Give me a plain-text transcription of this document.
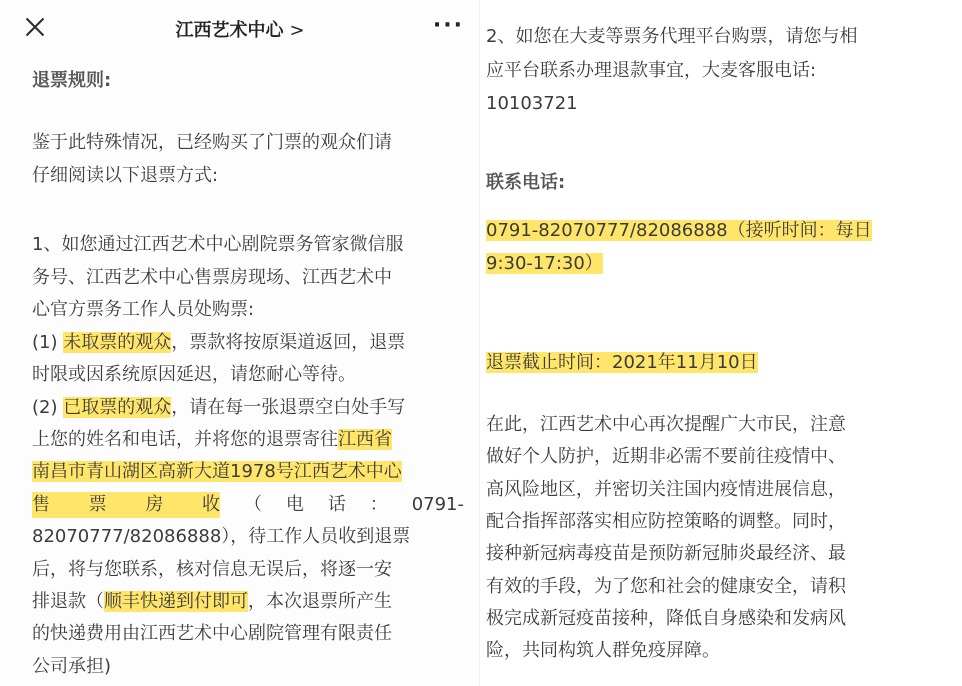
江西艺术中心 >	···
退票规则:
鉴于此特殊情况，已经购买了门票的观众们请
仔细阅读以下退票方式:
1、如您通过江西艺术中心剧院票务管家微信服
务号、江西艺术中心售票房现场、江西艺术中
心官方票务工作人员处购票:
(1) 未取票的观众，票款将按原渠道返回，退票
时限或因系统原因延迟，请您耐心等待。
(2) 已取票的观众，请在每一张退票空白处手写
上您的姓名和电话，并将您的退票寄往江西省
南昌市青山湖区高新大道1978号江西艺术中心
售 票 房 收 （ 电 话 ： 0791-
82070777/82086888），待工作人员收到退票
后，将与您联系，核对信息无误后，将逐一安
排退款（顺丰快递到付即可，本次退票所产生
的快递费用由江西艺术中心剧院管理有限责任
公司承担)
2、如您在大麦等票务代理平台购票，请您与相
应平台联系办理退款事宜，大麦客服电话:
10103721
联系电话:
0791-82070777/82086888（接听时间：每日
9:30-17:30）
退票截止时间：2021年11月10日
在此，江西艺术中心再次提醒广大市民，注意
做好个人防护，近期非必需不要前往疫情中、
高风险地区，并密切关注国内疫情进展信息，
配合指挥部落实相应防控策略的调整。同时，
接种新冠病毒疫苗是预防新冠肺炎最经济、最
有效的手段，为了您和社会的健康安全，请积
极完成新冠疫苗接种，降低自身感染和发病风
险，共同构筑人群免疫屏障。
